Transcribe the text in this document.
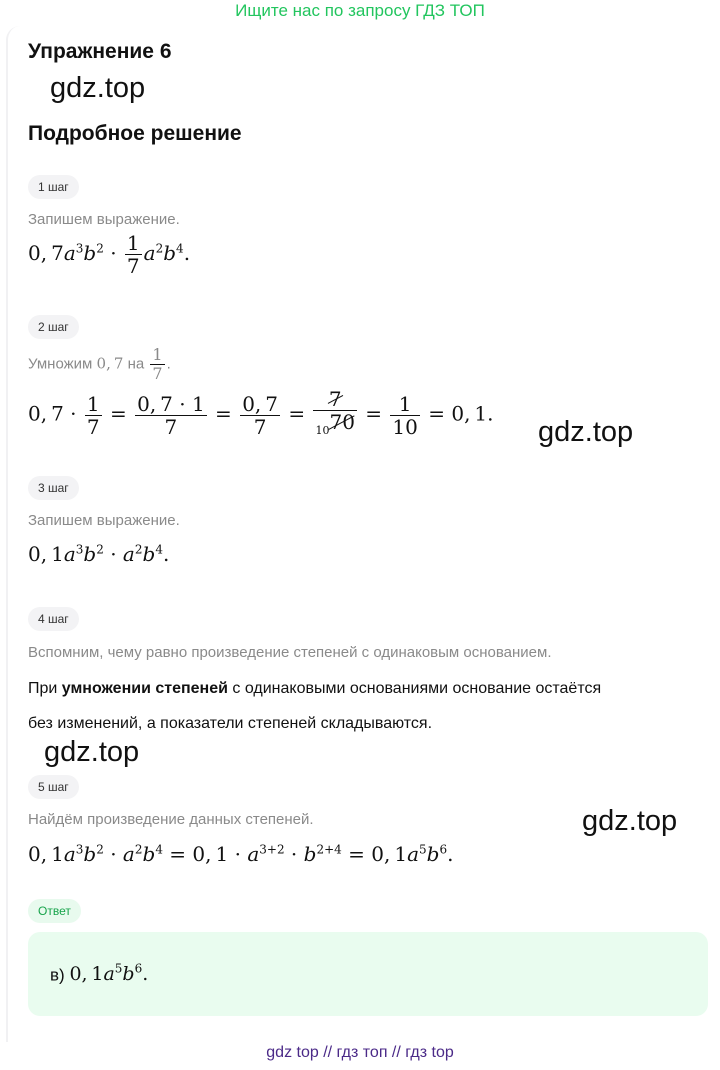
Ищите нас по запросу ГДЗ ТОП
Упражнение 6
gdz.top
Подробное решение
1 шаг
Запишем выражение.
0, $7a^3b^2 \cdot \frac{1}{7} a^2b^4$.
2 шаг
Умножим 0, 7 на $\frac{1}{7}$ .
0, $7 \cdot \frac{1}{7} = \frac{0, 7 \cdot 1}{7} = \frac{0, 7}{7} = \frac{7}{_{10}70} = \frac{1}{10} = 0$, 1.
gdz.top
3 шаг
Запишем выражение.
0, $1a^3b^2 \cdot a^2b^4$.
4 шаг
Вспомним, чему равно произведение степеней с одинаковым основанием.
При умножении степеней с одинаковыми основаниями основание остаётся
без изменений, а показатели степеней складываются.
gdz.top
5 шаг
Найдём произведение данных степеней.	gdz.top
0, $1a^3b^2 \cdot a^2b^4 = 0$, $1 \cdot a^{3+2} \cdot b^{2+4} = 0$, $1a^5b^6$.
Ответ
в) 0, $1a^5b^6$.
gdz top // гдз топ // гдз top
